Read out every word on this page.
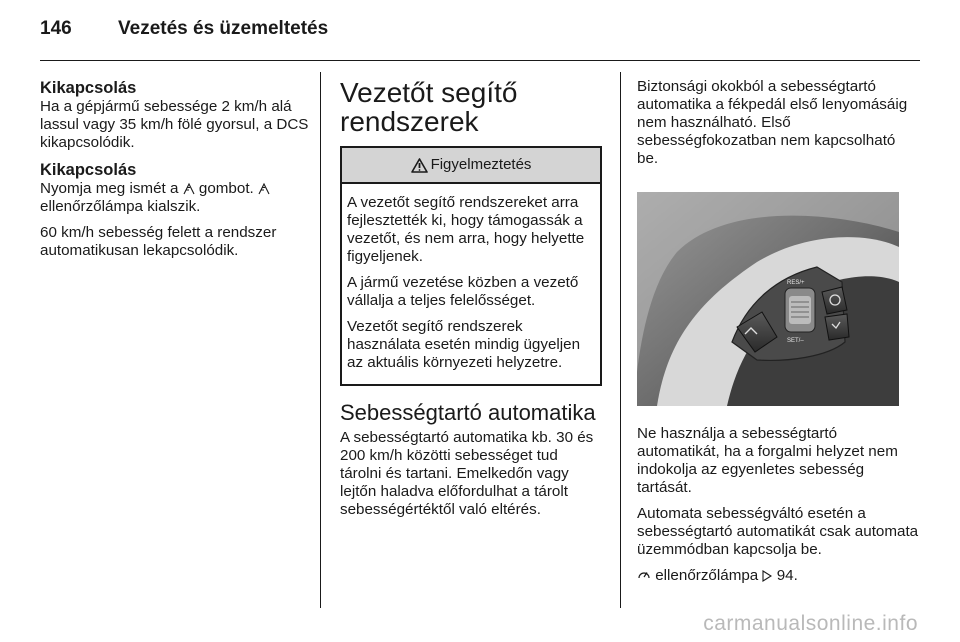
146	Vezetés és üzemeltetés
Kikapcsolás

Ha a gépjármű sebessége 2 km/h alá lassul vagy 35 km/h fölé gyorsul, a DCS kikapcsolódik.

Kikapcsolás

Nyomja meg ismét a gombot.
ellenőrzőlámpa kialszik.

60 km/h sebesség felett a rendszer automatikusan lekapcsolódik.

Vezetőt segítő rendszerek
Figyelmeztetés

A vezetőt segítő rendszereket arra fejlesztették ki, hogy támogassák a vezetőt, és nem arra, hogy helyette figyeljenek.

A jármű vezetése közben a vezető vállalja a teljes felelősséget.

Vezetőt segítő rendszerek használata esetén mindig ügyeljen az aktuális környezeti helyzetre.

Sebességtartó automatika

A sebességtartó automatika kb. 30 és 200 km/h közötti sebességet tud tárolni és tartani. Emelkedőn vagy lejtőn haladva előfordulhat a tárolt sebességértéktől való eltérés.

Biztonsági okokból a sebességtartó automatika a fékpedál első lenyomásáig nem használható. Első sebességfokozatban nem kapcsolható be.

RES/+
SET/–

Ne használja a sebességtartó automatikát, ha a forgalmi helyzet nem indokolja az egyenletes sebesség tartását.

Automata sebességváltó esetén a sebességtartó automatikát csak automata üzemmódban kapcsolja be.

ellenőrzőlámpa 94.

carmanualsonline.info
